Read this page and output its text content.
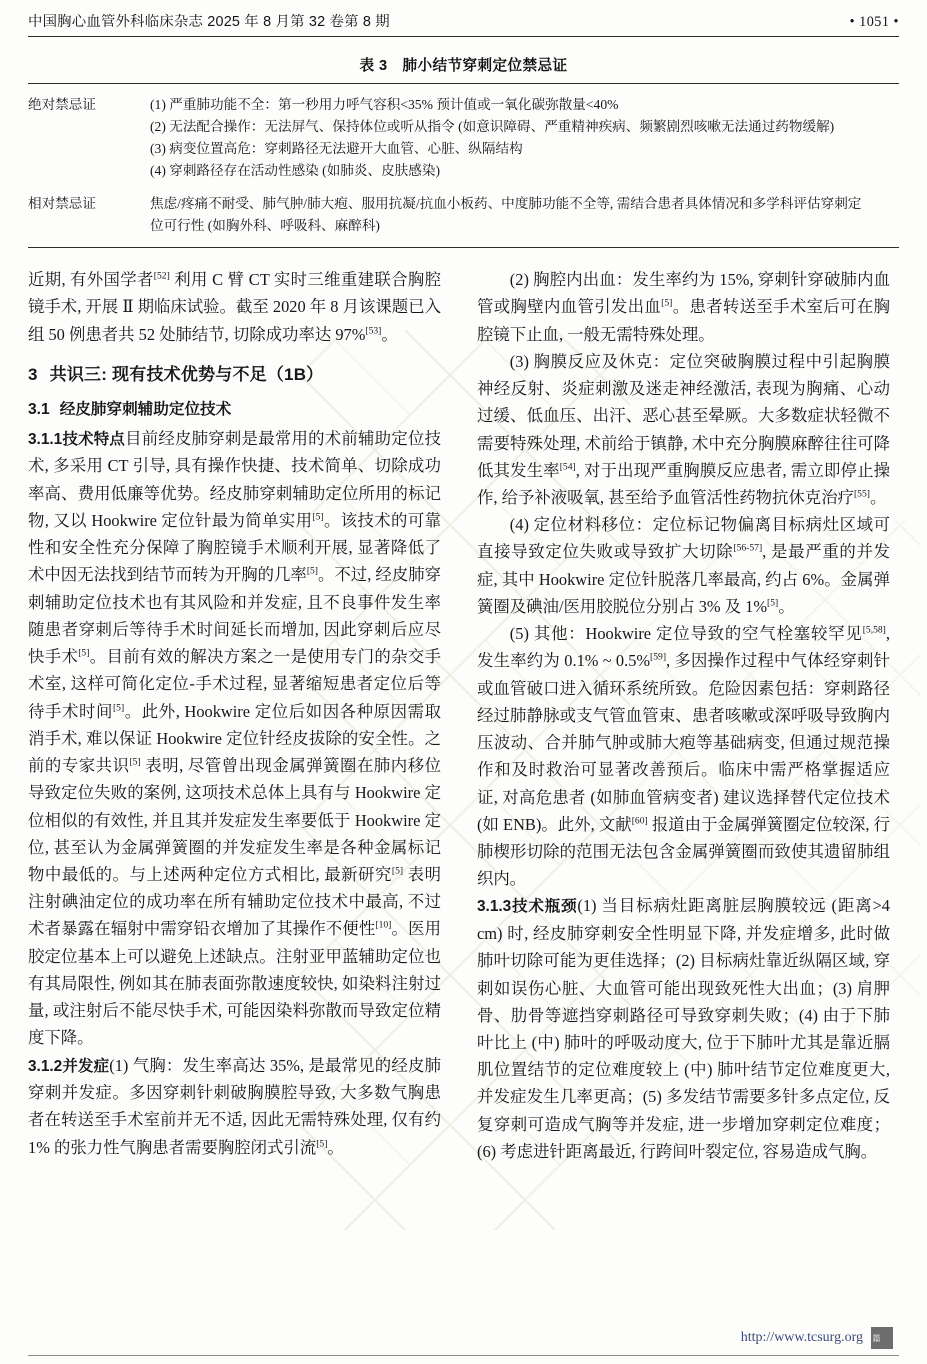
中国胸心血管外科临床杂志 2025 年 8 月第 32 卷第 8 期	• 1051 •
表 3　肺小结节穿刺定位禁忌证

绝对禁忌证	(1) 严重肺功能不全：第一秒用力呼气容积<35% 预计值或一氧化碳弥散量<40%
(2) 无法配合操作：无法屏气、保持体位或听从指令 (如意识障碍、严重精神疾病、频繁剧烈咳嗽无法通过药物缓解)
(3) 病变位置高危：穿刺路径无法避开大血管、心脏、纵隔结构
(4) 穿刺路径存在活动性感染 (如肺炎、皮肤感染)

相对禁忌证	焦虑/疼痛不耐受、肺气肿/肺大疱、服用抗凝/抗血小板药、中度肺功能不全等, 需结合患者具体情况和多学科评估穿刺定
位可行性 (如胸外科、呼吸科、麻醉科)

近期, 有外国学者[52] 利用 C 臂 CT 实时三维重建联合胸腔镜手术, 开展 Ⅱ 期临床试验。截至 2020 年 8 月该课题已入组 50 例患者共 52 处肺结节, 切除成功率达 97%[53]。

3 共识三: 现有技术优势与不足（1B）
3.1 经皮肺穿刺辅助定位技术

3.1.1技术特点目前经皮肺穿刺是最常用的术前辅助定位技术, 多采用 CT 引导, 具有操作快捷、技术简单、切除成功率高、费用低廉等优势。经皮肺穿刺辅助定位所用的标记物, 又以 Hookwire 定位针最为简单实用[5]。该技术的可靠性和安全性充分保障了胸腔镜手术顺利开展, 显著降低了术中因无法找到结节而转为开胸的几率[5]。不过, 经皮肺穿刺辅助定位技术也有其风险和并发症, 且不良事件发生率随患者穿刺后等待手术时间延长而增加, 因此穿刺后应尽快手术[5]。目前有效的解决方案之一是使用专门的杂交手术室, 这样可简化定位-手术过程, 显著缩短患者定位后等待手术时间[5]。此外, Hookwire 定位后如因各种原因需取消手术, 难以保证 Hookwire 定位针经皮拔除的安全性。之前的专家共识[5] 表明, 尽管曾出现金属弹簧圈在肺内移位导致定位失败的案例, 这项技术总体上具有与 Hookwire 定位相似的有效性, 并且其并发症发生率要低于 Hookwire 定位, 甚至认为金属弹簧圈的并发症发生率是各种金属标记物中最低的。与上述两种定位方式相比, 最新研究[5] 表明注射碘油定位的成功率在所有辅助定位技术中最高, 不过术者暴露在辐射中需穿铅衣增加了其操作不便性[10]。医用胶定位基本上可以避免上述缺点。注射亚甲蓝辅助定位也有其局限性, 例如其在肺表面弥散速度较快, 如染料注射过量, 或注射后不能尽快手术, 可能因染料弥散而导致定位精度下降。

3.1.2并发症(1) 气胸：发生率高达 35%, 是最常见的经皮肺穿刺并发症。多因穿刺针刺破胸膜腔导致, 大多数气胸患者在转送至手术室前并无不适, 因此无需特殊处理, 仅有约 1% 的张力性气胸患者需要胸腔闭式引流[5]。

(2) 胸腔内出血：发生率约为 15%, 穿刺针穿破肺内血管或胸壁内血管引发出血[5]。患者转送至手术室后可在胸腔镜下止血, 一般无需特殊处理。

(3) 胸膜反应及休克：定位突破胸膜过程中引起胸膜神经反射、炎症刺激及迷走神经激活, 表现为胸痛、心动过缓、低血压、出汗、恶心甚至晕厥。大多数症状轻微不需要特殊处理, 术前给于镇静, 术中充分胸膜麻醉往往可降低其发生率[54], 对于出现严重胸膜反应患者, 需立即停止操作, 给予补液吸氧, 甚至给予血管活性药物抗休克治疗[55]。

(4) 定位材料移位：定位标记物偏离目标病灶区域可直接导致定位失败或导致扩大切除[56-57], 是最严重的并发症, 其中 Hookwire 定位针脱落几率最高, 约占 6%。金属弹簧圈及碘油/医用胶脱位分别占 3% 及 1%[5]。

(5) 其他：Hookwire 定位导致的空气栓塞较罕见[5,58], 发生率约为 0.1% ~ 0.5%[59], 多因操作过程中气体经穿刺针或血管破口进入循环系统所致。危险因素包括：穿刺路径经过肺静脉或支气管血管束、患者咳嗽或深呼吸导致胸内压波动、合并肺气肿或肺大疱等基础病变, 但通过规范操作和及时救治可显著改善预后。临床中需严格掌握适应证, 对高危患者 (如肺血管病变者) 建议选择替代定位技术 (如 ENB)。此外, 文献[60] 报道由于金属弹簧圈定位较深, 行肺楔形切除的范围无法包含金属弹簧圈而致使其遗留肺组织内。

3.1.3技术瓶颈(1) 当目标病灶距离脏层胸膜较远 (距离>4 cm) 时, 经皮肺穿刺安全性明显下降, 并发症增多, 此时做肺叶切除可能为更佳选择；(2) 目标病灶靠近纵隔区域, 穿刺如误伤心脏、大血管可能出现致死性大出血；(3) 肩胛骨、肋骨等遮挡穿刺路径可导致穿刺失败；(4) 由于下肺叶比上 (中) 肺叶的呼吸动度大, 位于下肺叶尤其是靠近膈肌位置结节的定位难度较上 (中) 肺叶结节定位难度更大, 并发症发生几率更高；(5) 多发结节需要多针多点定位, 反复穿刺可造成气胸等并发症, 进一步增加穿刺定位难度；(6) 考虑进针距离最近, 行跨间叶裂定位, 容易造成气胸。

http://www.tcsurg.org 篇
